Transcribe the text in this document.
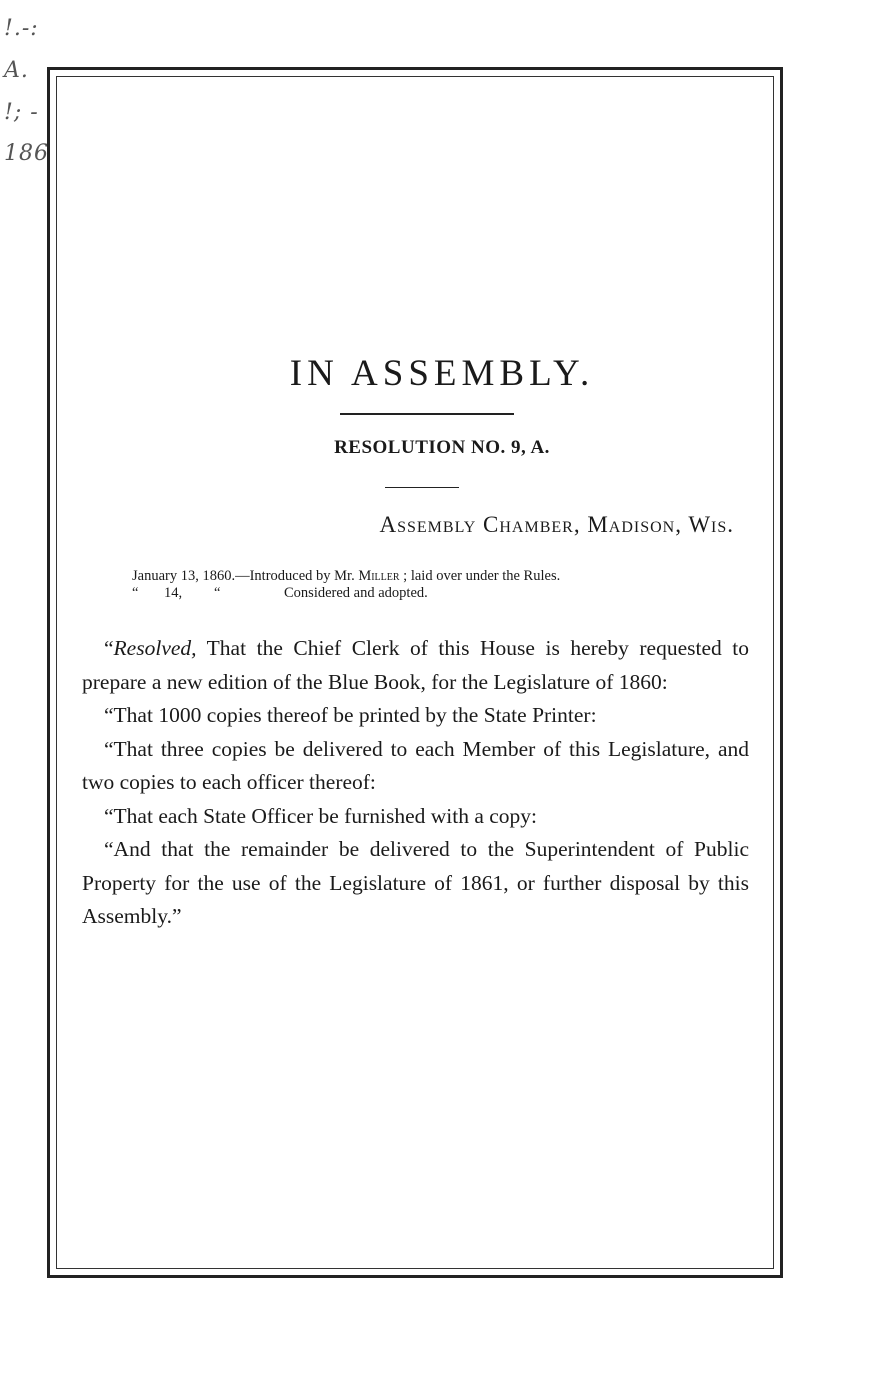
!.-:
A.
!; -
186
IN ASSEMBLY.
RESOLUTION NO. 9, A.
Assembly Chamber, Madison, Wis.
January 13, 1860.—Introduced by Mr. Miller ; laid over under the Rules.
“ 14, “	Considered and adopted.

“Resolved, That the Chief Clerk of this House is hereby requested to prepare a new edition of the Blue Book, for the Legislature of 1860:

“That 1000 copies thereof be printed by the State Printer:

“That three copies be delivered to each Member of this Legislature, and two copies to each officer thereof:

“That each State Officer be furnished with a copy:

“And that the remainder be delivered to the Superintendent of Public Property for the use of the Legislature of 1861, or further disposal by this Assembly.”
